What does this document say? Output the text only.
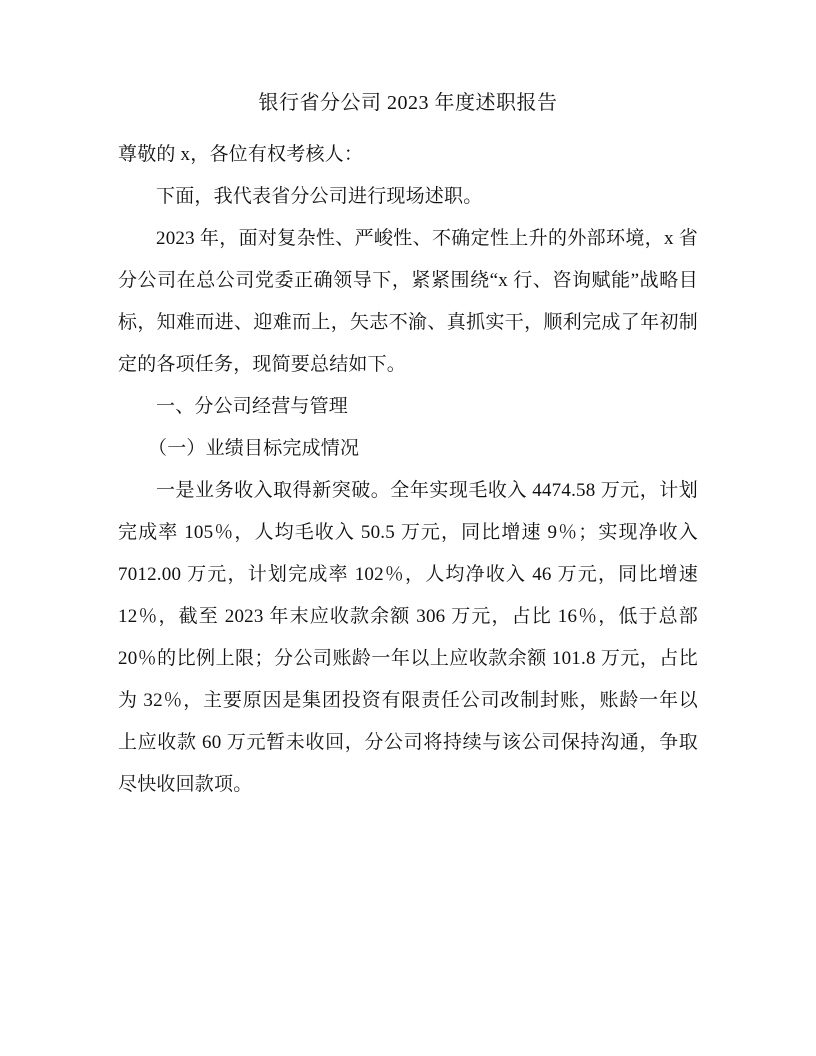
银行省分公司 2023 年度述职报告

尊敬的 x，各位有权考核人：

下面，我代表省分公司进行现场述职。

2023 年，面对复杂性、严峻性、不确定性上升的外部环境，x 省分公司在总公司党委正确领导下，紧紧围绕“x 行、咨询赋能”战略目标，知难而进、迎难而上，矢志不渝、真抓实干，顺利完成了年初制定的各项任务，现简要总结如下。

一、分公司经营与管理

（一）业绩目标完成情况

一是业务收入取得新突破。全年实现毛收入 4474.58 万元，计划完成率 105％，人均毛收入 50.5 万元，同比增速 9％；实现净收入 7012.00 万元，计划完成率 102％，人均净收入 46 万元，同比增速 12％，截至 2023 年末应收款余额 306 万元，占比 16％，低于总部 20％的比例上限；分公司账龄一年以上应收款余额 101.8 万元，占比为 32％，主要原因是集团投资有限责任公司改制封账，账龄一年以上应收款 60 万元暂未收回，分公司将持续与该公司保持沟通，争取尽快收回款项。
